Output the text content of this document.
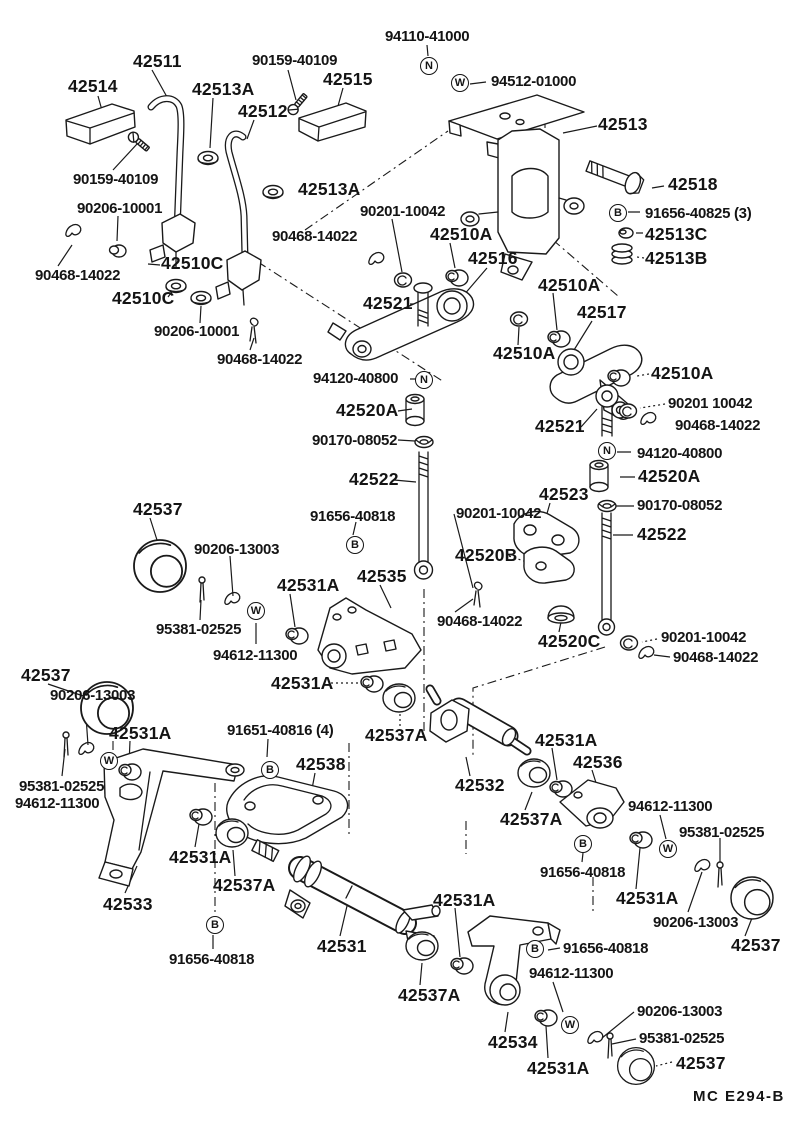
94110-41000
94512-01000
42511	90159-40109
42514	42513A	42515
42512
42513
90159-40109	42518
42513A
91656-40825 (3)
90206-10001	90201-10042
42513C
90468-14022	42510A
42513B
42516
90468-14022
42510C
42510A
42510C	42521	42517
90206-10001
42510A
90468-14022
42510A
94120-40800
90201 10042
42520A
90468-14022
42521
90170-08052
94120-40800
42520A
42522
42523
90170-08052
42537	91656-40818	90201-10042
42522
90206-13003	42520B
42531A 42535
95381-02525	90468-14022
42520C	90201-10042
94612-11300	90468-14022
42537	42531A
90206-13003
42531A	91651-40816 (4) 42537A	42531A
42538	42536
95381-02525	42532
94612-11300	94612-11300
42537A
95381-02525
42531A
91656-40818
42537A
42531A
42531A
42533
90206-13003
42531	42537
91656-40818
91656-40818
94612-11300
42537A
90206-13003
95381-02525
42534
42537
42531A
N
W
B
N
N
B
W
W
B
B
B	W
B
W
MC E294-B
